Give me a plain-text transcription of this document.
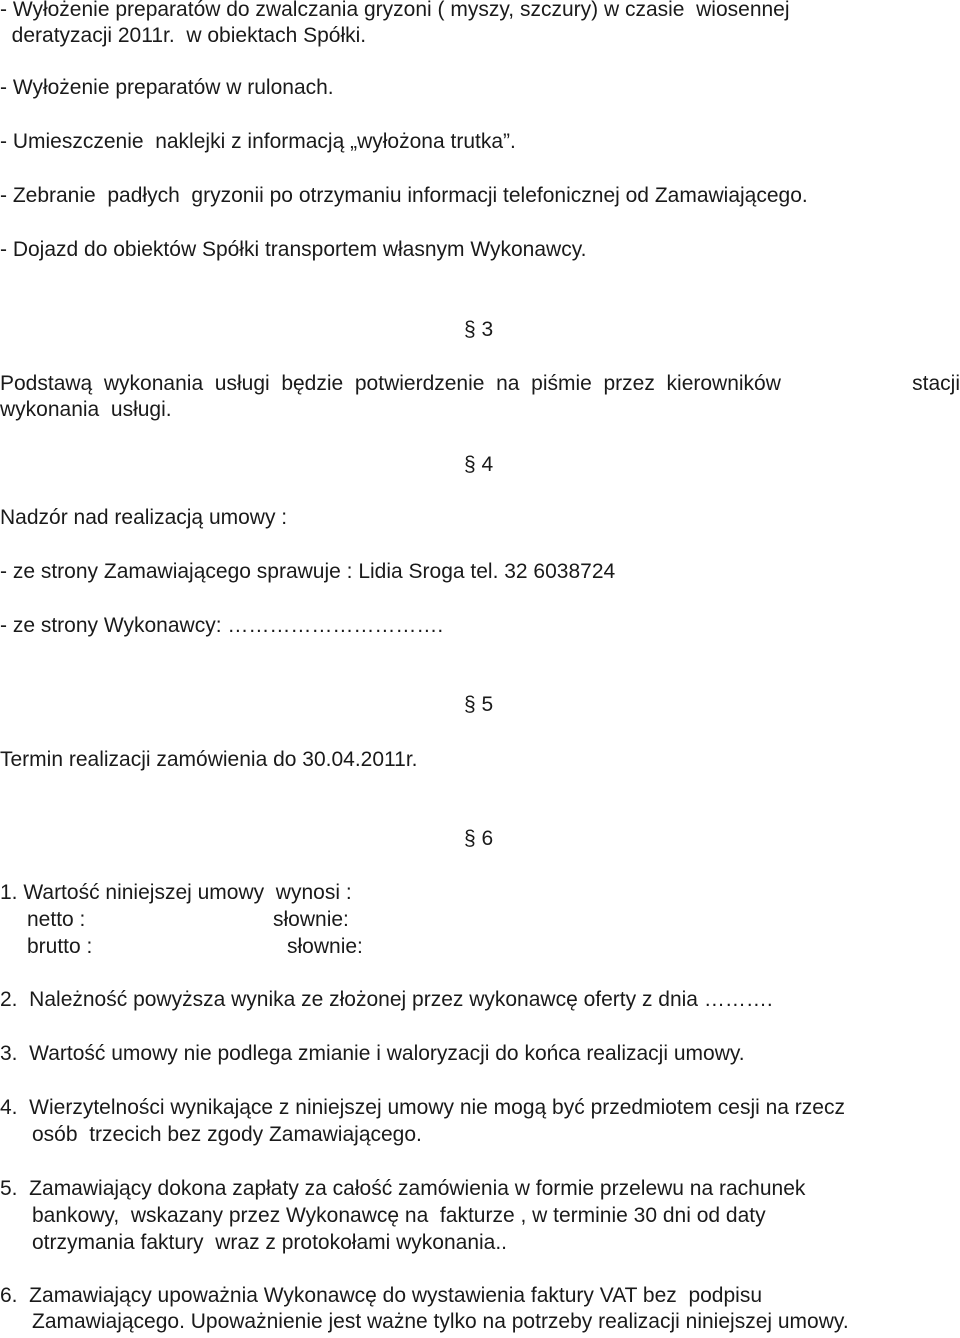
- Wyłożenie preparatów do zwalczania gryzoni ( myszy, szczury) w czasie  wiosennej
deratyzacji 2011r.  w obiektach Spółki.
- Wyłożenie preparatów w rulonach.
- Umieszczenie  naklejki z informacją „wyłożona trutka”.
- Zebranie  padłych  gryzonii po otrzymaniu informacji telefonicznej od Zamawiającego.
- Dojazd do obiektów Spółki transportem własnym Wykonawcy.
§ 3
Podstawą  wykonania  usługi  będzie  potwierdzenie  na  piśmie  przez  kierowników	stacji
wykonania  usługi.
§ 4
Nadzór nad realizacją umowy :
- ze strony Zamawiającego sprawuje : Lidia Sroga tel. 32 6038724
- ze strony Wykonawcy: ………………………….
§ 5
Termin realizacji zamówienia do 30.04.2011r.
§ 6
1. Wartość niniejszej umowy  wynosi :
netto :	słownie:
brutto :	słownie:
2.  Należność powyższa wynika ze złożonej przez wykonawcę oferty z dnia ……….
3.  Wartość umowy nie podlega zmianie i waloryzacji do końca realizacji umowy.
4.  Wierzytelności wynikające z niniejszej umowy nie mogą być przedmiotem cesji na rzecz
osób  trzecich bez zgody Zamawiającego.
5.  Zamawiający dokona zapłaty za całość zamówienia w formie przelewu na rachunek
bankowy,  wskazany przez Wykonawcę na  fakturze , w terminie 30 dni od daty
otrzymania faktury  wraz z protokołami wykonania..
6.  Zamawiający upoważnia Wykonawcę do wystawienia faktury VAT bez  podpisu
Zamawiającego. Upoważnienie jest ważne tylko na potrzeby realizacji niniejszej umowy.
